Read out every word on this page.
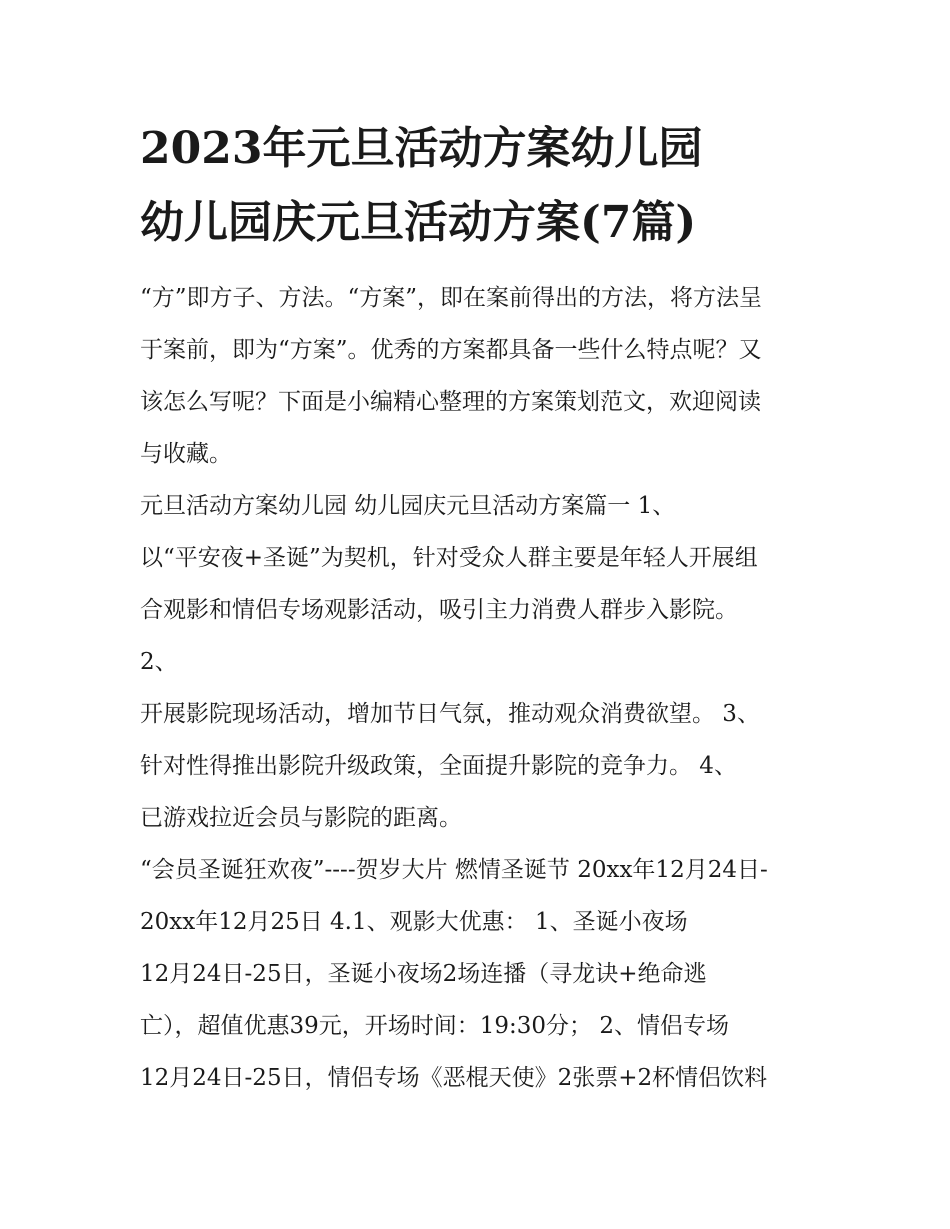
2023年元旦活动方案幼儿园
幼儿园庆元旦活动方案(7篇)
“方”即方子、方法。“方案”，即在案前得出的方法，将方法呈
于案前，即为“方案”。优秀的方案都具备一些什么特点呢？又
该怎么写呢？下面是小编精心整理的方案策划范文，欢迎阅读
与收藏。
元旦活动方案幼儿园 幼儿园庆元旦活动方案篇一 1、
以“平安夜+圣诞”为契机，针对受众人群主要是年轻人开展组
合观影和情侣专场观影活动，吸引主力消费人群步入影院。
2、
开展影院现场活动，增加节日气氛，推动观众消费欲望。 3、
针对性得推出影院升级政策，全面提升影院的竞争力。 4、
已游戏拉近会员与影院的距离。
“会员圣诞狂欢夜”----贺岁大片 燃情圣诞节 20xx年12月24日-
20xx年12月25日 4.1、观影大优惠： 1、圣诞小夜场
12月24日-25日，圣诞小夜场2场连播（寻龙诀+绝命逃
亡），超值优惠39元，开场时间：19:30分； 2、情侣专场
12月24日-25日，情侣专场《恶棍天使》2张票+2杯情侣饮料
